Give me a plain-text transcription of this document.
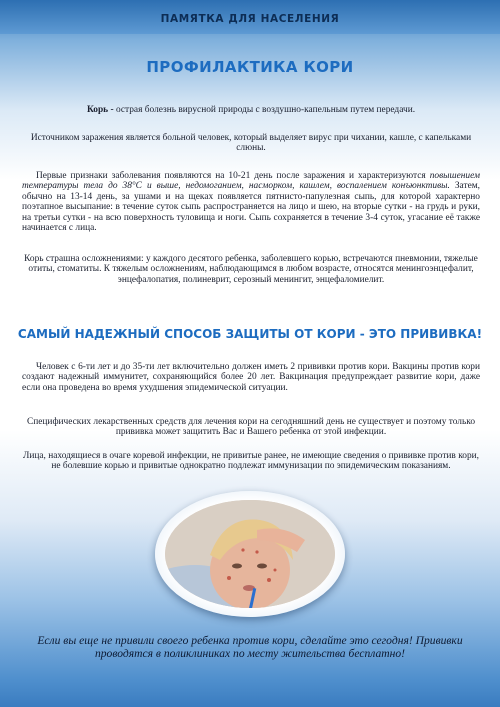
ПАМЯТКА ДЛЯ НАСЕЛЕНИЯ
ПРОФИЛАКТИКА КОРИ

Корь - острая болезнь вирусной природы с воздушно-капельным путем передачи.

Источником заражения является больной человек, который выделяет вирус при чихании, кашле, с капельками слюны.

Первые признаки заболевания появляются на 10-21 день после заражения и характеризуются повышением температуры тела до 38°С и выше, недомоганием, насморком, кашлем, воспалением конъюнктивы. Затем, обычно на 13-14 день, за ушами и на щеках появляется пятнисто-папулезная сыпь, для которой характерно поэтапное высыпание: в течение суток сыпь распространяется на лицо и шею, на вторые сутки - на грудь и руки, на третьи сутки - на всю поверхность туловища и ноги. Сыпь сохраняется в течение 3-4 суток, угасание её также начинается с лица.

Корь страшна осложнениями: у каждого десятого ребенка, заболевшего корью, встречаются пневмонии, тяжелые отиты, стоматиты. К тяжелым осложнениям, наблюдающимся в любом возрасте, относятся менингоэнцефалит, энцефалопатия, полиневрит, серозный менингит, энцефаломиелит.

САМЫЙ НАДЕЖНЫЙ СПОСОБ ЗАЩИТЫ ОТ КОРИ - ЭТО ПРИВИВКА!

Человек с 6-ти лет и до 35-ти лет включительно должен иметь 2 прививки против кори. Вакцины против кори создают надежный иммунитет, сохраняющийся более 20 лет. Вакцинация предупреждает развитие кори, даже если она проведена во время ухудшения эпидемической ситуации.

Специфических лекарственных средств для лечения кори на сегодняшний день не существует и поэтому только прививка может защитить Вас и Вашего ребенка от этой инфекции.

Лица, находящиеся в очаге коревой инфекции, не привитые ранее, не имеющие сведения о прививке против кори, не болевшие корью и привитые однократно подлежат иммунизации по эпидемическим показаниям.

Если вы еще не привили своего ребенка против кори, сделайте это сегодня! Прививки проводятся в поликлиниках по месту жительства бесплатно!
